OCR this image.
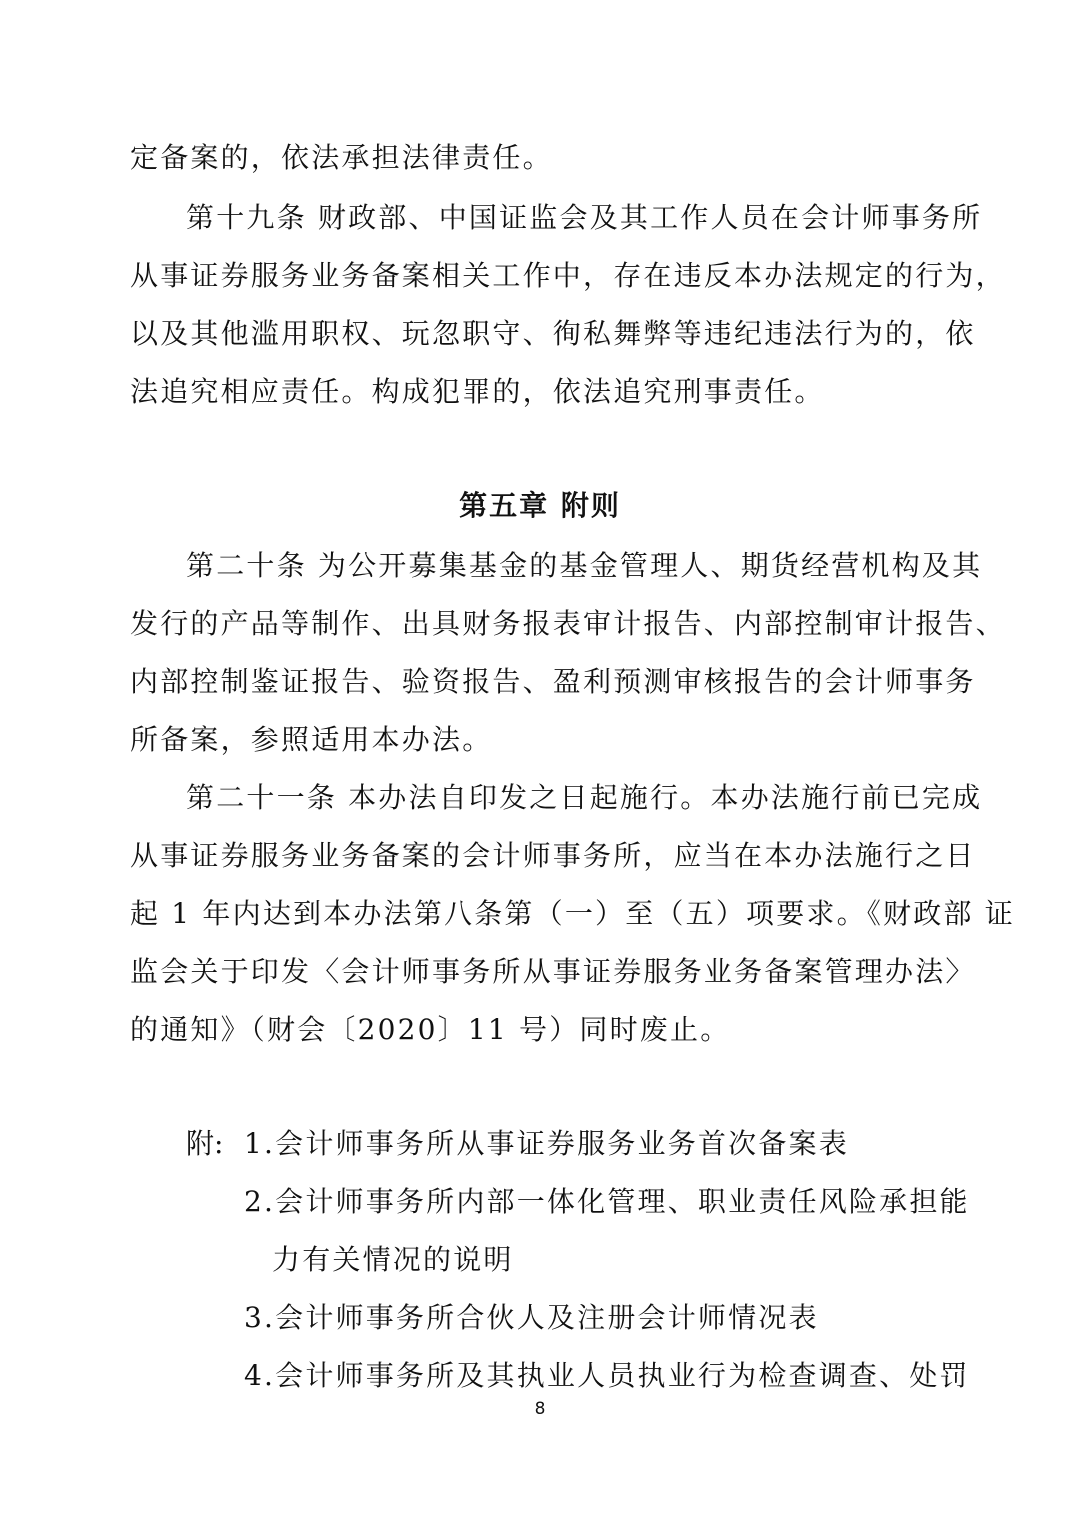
定备案的，依法承担法律责任。
第十九条 财政部、中国证监会及其工作人员在会计师事务所
从事证券服务业务备案相关工作中，存在违反本办法规定的行为，
以及其他滥用职权、玩忽职守、徇私舞弊等违纪违法行为的，依
法追究相应责任。构成犯罪的，依法追究刑事责任。
第五章 附则
第二十条 为公开募集基金的基金管理人、期货经营机构及其
发行的产品等制作、出具财务报表审计报告、内部控制审计报告、
内部控制鉴证报告、验资报告、盈利预测审核报告的会计师事务
所备案，参照适用本办法。
第二十一条 本办法自印发之日起施行。本办法施行前已完成
从事证券服务业务备案的会计师事务所，应当在本办法施行之日
起 1 年内达到本办法第八条第（一）至（五）项要求。《财政部 证
监会关于印发〈会计师事务所从事证券服务业务备案管理办法〉
的通知》（财会〔2020〕11 号）同时废止。
附: 1.会计师事务所从事证券服务业务首次备案表
2.会计师事务所内部一体化管理、职业责任风险承担能
力有关情况的说明
3.会计师事务所合伙人及注册会计师情况表
4.会计师事务所及其执业人员执业行为检查调查、处罚
8
